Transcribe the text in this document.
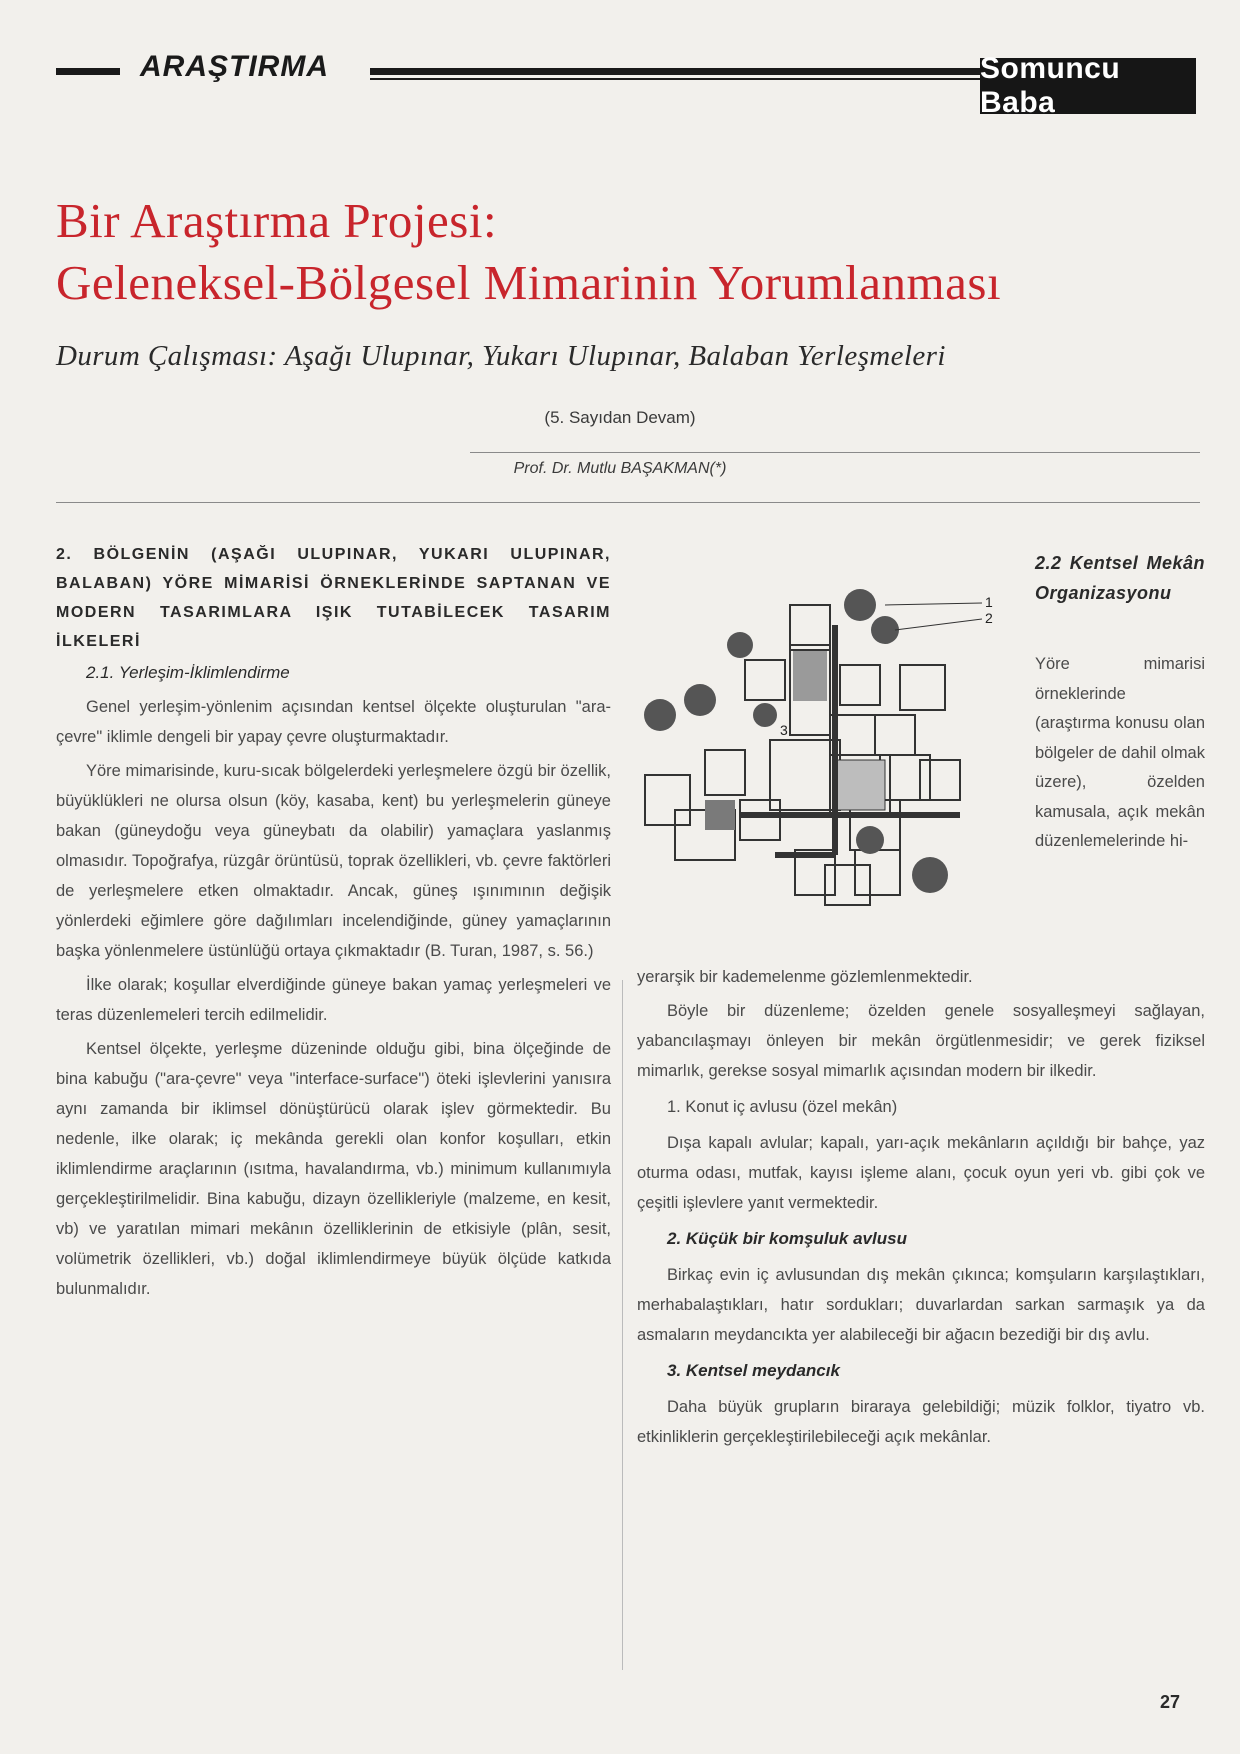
ARAŞTIRMA	Somuncu Baba
Bir Araştırma Projesi:
Geleneksel-Bölgesel Mimarinin Yorumlanması
Durum Çalışması: Aşağı Ulupınar, Yukarı Ulupınar, Balaban Yerleşmeleri
(5. Sayıdan Devam)
Prof. Dr. Mutlu BAŞAKMAN(*)
2. BÖLGENİN (AŞAĞI ULUPINAR, YUKARI ULUPINAR, BALABAN) YÖRE MİMARİSİ ÖRNEKLERİNDE SAPTANAN VE MODERN TASARIMLARA IŞIK TUTABİLECEK TASARIM İLKELERİ
2.1. Yerleşim-İklimlendirme

Genel yerleşim-yönlenim açısından kentsel ölçekte oluşturulan "ara-çevre" iklimle dengeli bir yapay çevre oluşturmaktadır.

Yöre mimarisinde, kuru-sıcak bölgelerdeki yerleşmelere özgü bir özellik, büyüklükleri ne olursa olsun (köy, kasaba, kent) bu yerleşmelerin güneye bakan (güneydoğu veya güneybatı da olabilir) yamaçlara yaslanmış olmasıdır. Topoğrafya, rüzgâr örüntüsü, toprak özellikleri, vb. çevre faktörleri de yerleşmelere etken olmaktadır. Ancak, güneş ışınımının değişik yönlerdeki eğimlere göre dağılımları incelendiğinde, güney yamaçlarının başka yönlenmelere üstünlüğü ortaya çıkmaktadır (B. Turan, 1987, s. 56.)

İlke olarak; koşullar elverdiğinde güneye bakan yamaç yerleşmeleri ve teras düzenlemeleri tercih edilmelidir.

Kentsel ölçekte, yerleşme düzeninde olduğu gibi, bina ölçeğinde de bina kabuğu ("ara-çevre" veya "interface-surface") öteki işlevlerini yanısıra aynı zamanda bir iklimsel dönüştürücü olarak işlev görmektedir. Bu nedenle, ilke olarak; iç mekânda gerekli olan konfor koşulları, etkin iklimlendirme araçlarının (ısıtma, havalandırma, vb.) minimum kullanımıyla gerçekleştirilmelidir. Bina kabuğu, dizayn özellikleriyle (malzeme, en kesit, vb) ve yaratılan mimari mekânın özelliklerinin de etkisiyle (plân, sesit, volümetrik özellikleri, vb.) doğal iklimlendirmeye büyük ölçüde katkıda bulunmalıdır.

1
2
3
2.2 Kentsel Mekân Organizasyonu
Yöre mimarisi örneklerinde (araştırma konusu olan bölgeler de dahil olmak üzere), özelden kamusala, açık mekân düzenlemelerinde hi-

yerarşik bir kademelenme gözlemlenmektedir.

Böyle bir düzenleme; özelden genele sosyalleşmeyi sağlayan, yabancılaşmayı önleyen bir mekân örgütlenmesidir; ve gerek fiziksel mimarlık, gerekse sosyal mimarlık açısından modern bir ilkedir.

1. Konut iç avlusu (özel mekân)

Dışa kapalı avlular; kapalı, yarı-açık mekânların açıldığı bir bahçe, yaz oturma odası, mutfak, kayısı işleme alanı, çocuk oyun yeri vb. gibi çok ve çeşitli işlevlere yanıt vermektedir.

2. Küçük bir komşuluk avlusu

Birkaç evin iç avlusundan dış mekân çıkınca; komşuların karşılaştıkları, merhabalaştıkları, hatır sordukları; duvarlardan sarkan sarmaşık ya da asmaların meydancıkta yer alabileceği bir ağacın bezediği bir dış avlu.

3. Kentsel meydancık

Daha büyük grupların biraraya gelebildiği; müzik folklor, tiyatro vb. etkinliklerin gerçekleştirilebileceği açık mekânlar.

27
